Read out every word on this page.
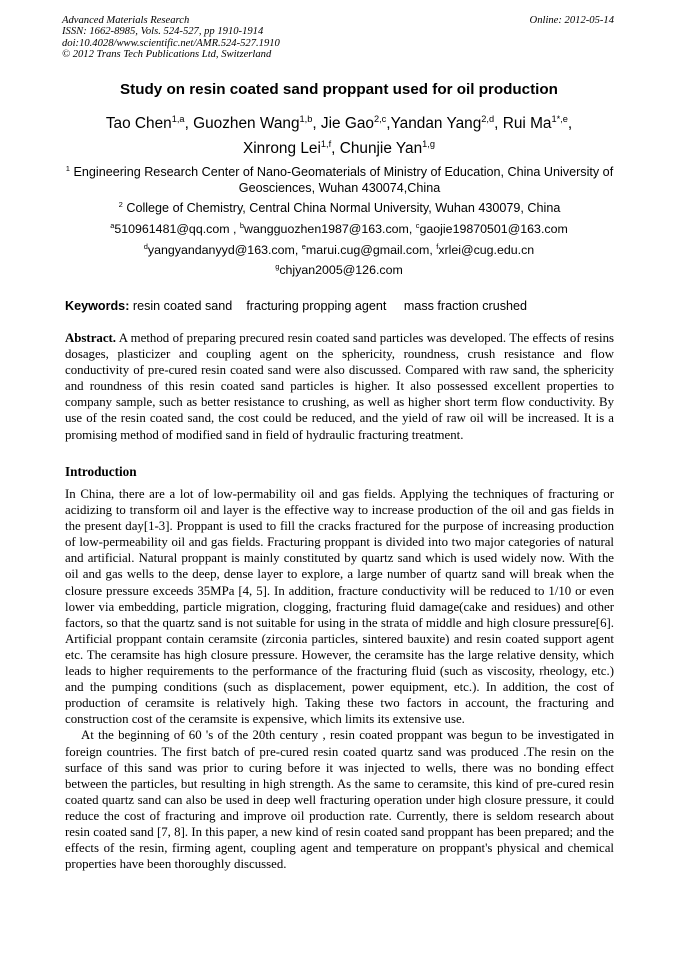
Advanced Materials Research
ISSN: 1662-8985, Vols. 524-527, pp 1910-1914
doi:10.4028/www.scientific.net/AMR.524-527.1910
© 2012 Trans Tech Publications Ltd, Switzerland
Online: 2012-05-14
Study on resin coated sand proppant used for oil production
Tao Chen$^{1,a}$, Guozhen Wang$^{1,b}$, Jie Gao$^{2,c}$,Yandan Yang$^{2,d}$, Rui $Ma^{1*,e}$,
Xinrong Lei$^{1,f}$, Chunjie Yan$^{1,g}$
$^1$ Engineering Research Center of Nano-Geomaterials of Ministry of Education, China University of Geosciences, Wuhan 430074,China
$^2$ College of Chemistry, Central China Normal University, Wuhan 430079, China
$^a$510961481@qq.com , $^b$wangguozhen1987@163.com, $^c$gaojie19870501@163.com
$^d$yangyandanyyd@163.com, $^e$marui.cug@gmail.com, $^f$xrlei@cug.edu.cn
$^g$chjyan2005@126.com
Keywords: resin coated sand fracturing propping agent mass fraction crushed
Abstract. A method of preparing precured resin coated sand particles was developed. The effects of resins dosages, plasticizer and coupling agent on the sphericity, roundness, crush resistance and flow conductivity of pre-cured resin coated sand were also discussed. Compared with raw sand, the sphericity and roundness of this resin coated sand particles is higher. It also possessed excellent properties to company sample, such as better resistance to crushing, as well as higher short term flow conductivity. By use of the resin coated sand, the cost could be reduced, and the yield of raw oil will be increased. It is a promising method of modified sand in field of hydraulic fracturing treatment.
Introduction
In China, there are a lot of low-permability oil and gas fields. Applying the techniques of fracturing or acidizing to transform oil and layer is the effective way to increase production of the oil and gas fields in the present day[1-3]. Proppant is used to fill the cracks fractured for the purpose of increasing production of low-permeability oil and gas fields. Fracturing proppant is divided into two major categories of natural and artificial. Natural proppant is mainly constituted by quartz sand which is used widely now. With the oil and gas wells to the deep, dense layer to explore, a large number of quartz sand will break when the closure pressure exceeds 35MPa [4, 5]. In addition, fracture conductivity will be reduced to 1/10 or even lower via embedding, particle migration, clogging, fracturing fluid damage(cake and residues) and other factors, so that the quartz sand is not suitable for using in the strata of middle and high closure pressure[6]. Artificial proppant contain ceramsite (zirconia particles, sintered bauxite) and resin coated support agent etc. The ceramsite has high closure pressure. However, the ceramsite has the large relative density, which leads to higher requirements to the performance of the fracturing fluid (such as viscosity, rheology, etc.) and the pumping conditions (such as displacement, power equipment, etc.). In addition, the cost of production of ceramsite is relatively high. Taking these two factors in account, the fracturing and construction cost of the ceramsite is expensive, which limits its extensive use.
At the beginning of 60 's of the 20th century , resin coated proppant was begun to be investigated in foreign countries. The first batch of pre-cured resin coated quartz sand was produced .The resin on the surface of this sand was prior to curing before it was injected to wells, there was no bonding effect between the particles, but resulting in high strength. As the same to ceramsite, this kind of pre-cured resin coated quartz sand can also be used in deep well fracturing operation under high closure pressure, it could reduce the cost of fracturing and improve oil production rate. Currently, there is seldom research about resin coated sand [7, 8]. In this paper, a new kind of resin coated sand proppant has been prepared; and the effects of the resin, firming agent, coupling agent and temperature on proppant's physical and chemical properties have been thoroughly discussed.
